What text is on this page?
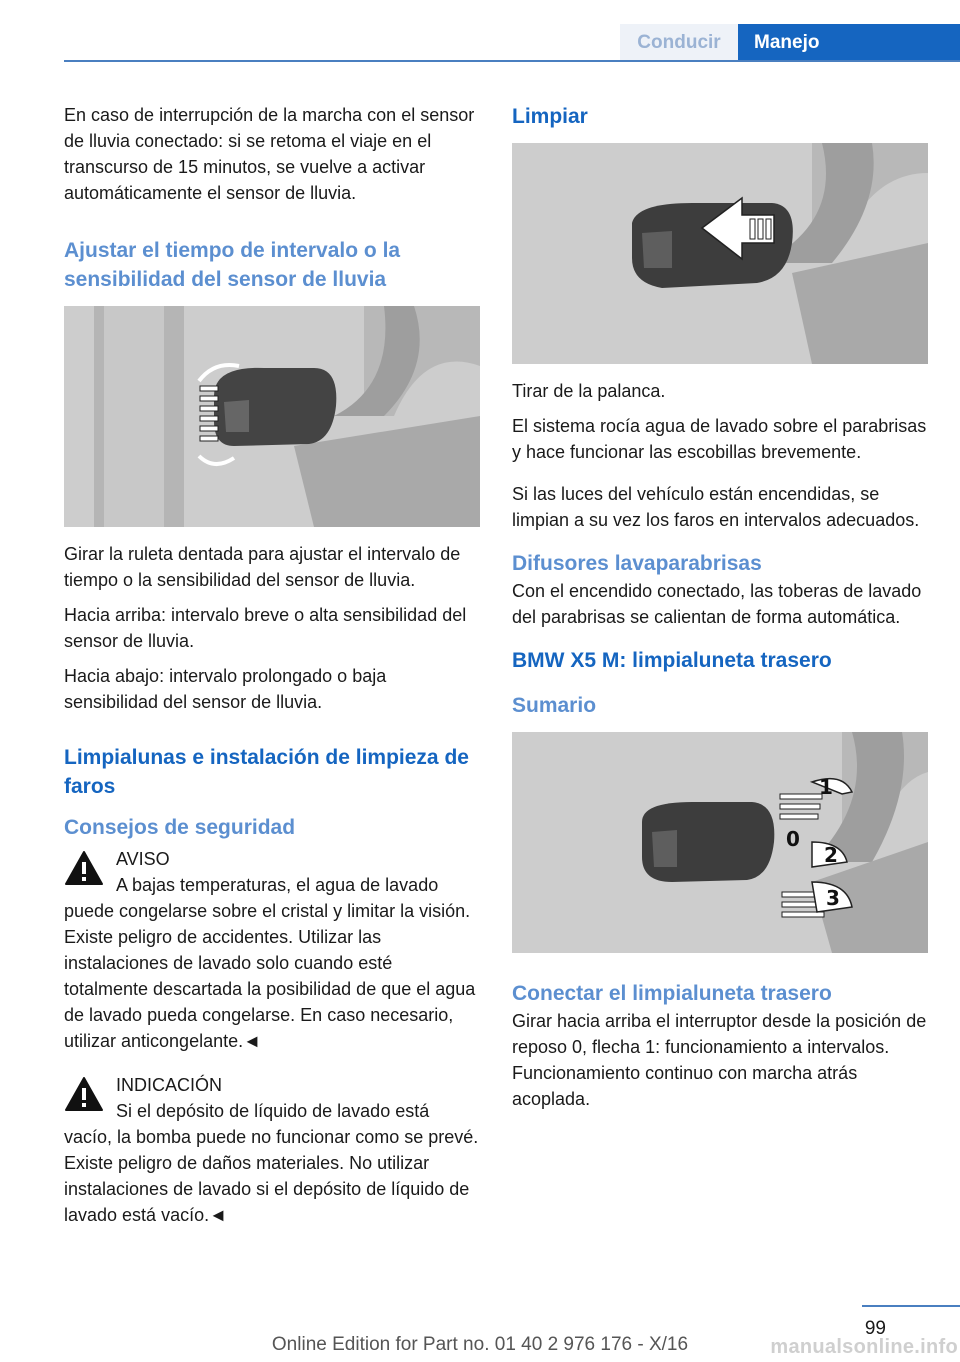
Conducir	Manejo

En caso de interrupción de la marcha con el sensor de lluvia conectado: si se retoma el viaje en el transcurso de 15 minutos, se vuelve a activar automáticamente el sensor de lluvia.

Ajustar el tiempo de intervalo o la sensibilidad del sensor de lluvia

Girar la ruleta dentada para ajustar el intervalo de tiempo o la sensibilidad del sensor de lluvia.

Hacia arriba: intervalo breve o alta sensibilidad del sensor de lluvia.

Hacia abajo: intervalo prolongado o baja sensibilidad del sensor de lluvia.

Limpialunas e instalación de limpieza de faros
Consejos de seguridad

AVISO

A bajas temperaturas, el agua de lavado
puede congelarse sobre el cristal y limitar la visión. Existe peligro de accidentes. Utilizar las instalaciones de lavado solo cuando esté totalmente descartada la posibilidad de que el agua de lavado pueda congelarse. En caso necesario, utilizar anticongelante.◄

INDICACIÓN

Si el depósito de líquido de lavado está
vacío, la bomba puede no funcionar como se prevé. Existe peligro de daños materiales. No utilizar instalaciones de lavado si el depósito de líquido de lavado está vacío.◄

Limpiar

Tirar de la palanca.

El sistema rocía agua de lavado sobre el parabrisas y hace funcionar las escobillas brevemente.

Si las luces del vehículo están encendidas, se limpian a su vez los faros en intervalos adecuados.

Difusores lavaparabrisas

Con el encendido conectado, las toberas de lavado del parabrisas se calientan de forma automática.

BMW X5 M: limpialuneta trasero
Sumario
1
0
2
3
Conectar el limpialuneta trasero

Girar hacia arriba el interruptor desde la posición de reposo 0, flecha 1: funcionamiento a intervalos. Funcionamiento continuo con marcha atrás acoplada.

99
Online Edition for Part no. 01 40 2 976 176 - X/16	manualsonline.info
